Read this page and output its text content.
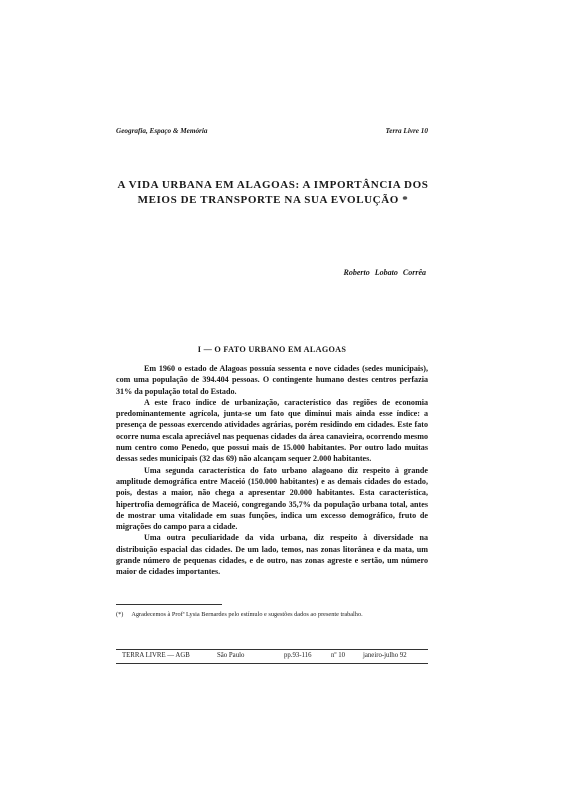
Geografia, Espaço & Memória	Terra Livre 10
A VIDA URBANA EM ALAGOAS: A IMPORTÂNCIA DOS
MEIOS DE TRANSPORTE NA SUA EVOLUÇÃO *
Roberto Lobato Corrêa
I — O FATO URBANO EM ALAGOAS

Em 1960 o estado de Alagoas possuía sessenta e nove cidades (sedes municipais), com uma população de 394.404 pessoas. O contingente humano destes centros perfazia 31% da população total do Estado.

A este fraco índice de urbanização, característico das regiões de economia predominantemente agrícola, junta-se um fato que diminui mais ainda esse índice: a presença de pessoas exercendo atividades agrárias, porém residindo em cidades. Este fato ocorre numa escala apreciável nas pequenas cidades da área canavieira, ocorrendo mesmo num centro como Penedo, que possui mais de 15.000 habitantes. Por outro lado muitas dessas sedes municipais (32 das 69) não alcançam sequer 2.000 habitantes.

Uma segunda característica do fato urbano alagoano diz respeito à grande amplitude demográfica entre Maceió (150.000 habitantes) e as demais cidades do estado, pois, destas a maior, não chega a apresentar 20.000 habitantes. Esta característica, hipertrofia demográfica de Maceió, congregando 35,7% da população urbana total, antes de mostrar uma vitalidade em suas funções, indica um excesso demográfico, fruto de migrações do campo para a cidade.

Uma outra peculiaridade da vida urbana, diz respeito à diversidade na distribuição espacial das cidades. De um lado, temos, nas zonas litorânea e da mata, um grande número de pequenas cidades, e de outro, nas zonas agreste e sertão, um número maior de cidades importantes.

(*) Agradecemos à Profª Lysia Bernardes pelo estímulo e sugestões dados ao presente trabalho.
TERRA LIVRE — AGB	São Paulo	pp.93-116	nº 10	janeiro-julho 92
